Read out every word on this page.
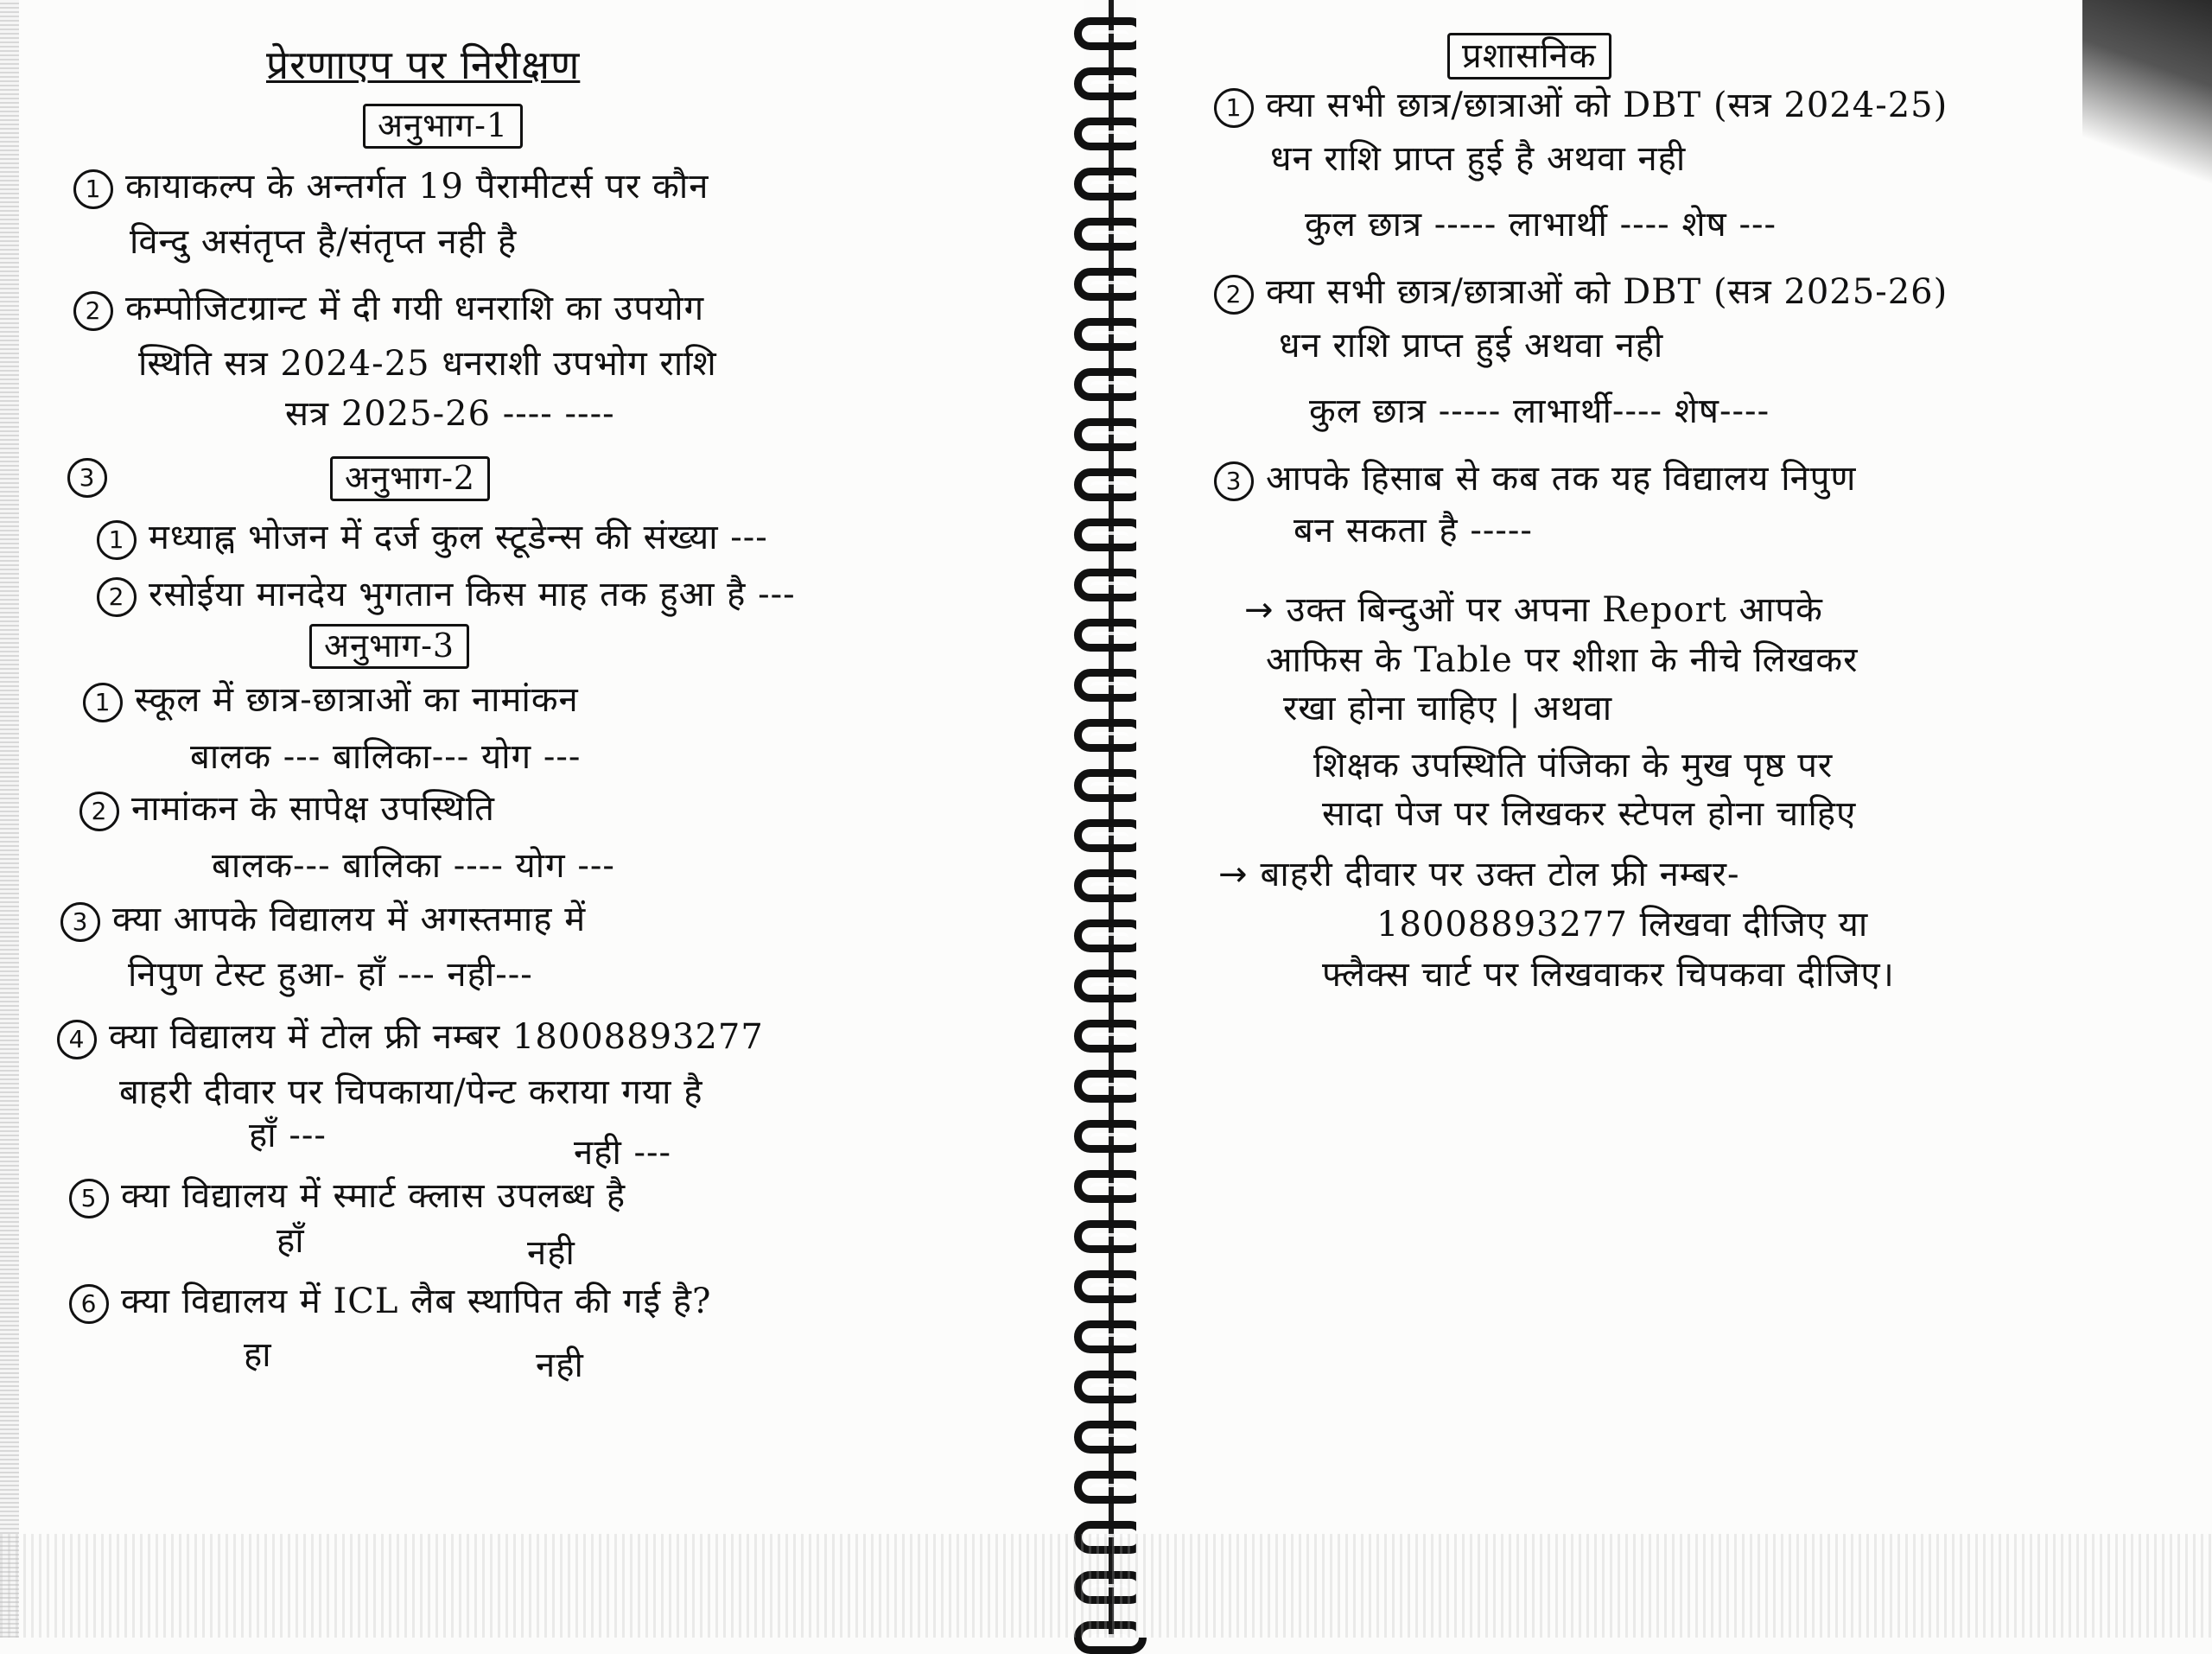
प्रेरणाएप पर निरीक्षण
अनुभाग-1
1 कायाकल्प के अन्तर्गत 19 पैरामीटर्स पर कौन
विन्दु असंतृप्त है/संतृप्त नही है
2 कम्पोजिटग्रान्ट में दी गयी धनराशि का उपयोग
स्थिति सत्र 2024-25 धनराशी उपभोग राशि
सत्र 2025-26 ---- ----
3	अनुभाग-2
1 मध्याह्न भोजन में दर्ज कुल स्टूडेन्स की संख्या ---
2 रसोईया मानदेय भुगतान किस माह तक हुआ है ---
अनुभाग-3
1 स्कूल में छात्र-छात्राओं का नामांकन
बालक --- बालिका--- योग ---
2 नामांकन के सापेक्ष उपस्थिति
बालक--- बालिका ---- योग ---
3 क्या आपके विद्यालय में अगस्तमाह में
निपुण टेस्ट हुआ- हाँ --- नही---
4 क्या विद्यालय में टोल फ्री नम्बर 18008893277
बाहरी दीवार पर चिपकाया/पेन्ट कराया गया है
हाँ ---	नही ---
5 क्या विद्यालय में स्मार्ट क्लास उपलब्ध है
हाँ	नही
6 क्या विद्यालय में ICL लैब स्थापित की गई है?
हा	नही
प्रशासनिक
1 क्या सभी छात्र/छात्राओं को DBT (सत्र 2024-25)
धन राशि प्राप्त हुई है अथवा नही
कुल छात्र ----- लाभार्थी ---- शेष ---
2 क्या सभी छात्र/छात्राओं को DBT (सत्र 2025-26)
धन राशि प्राप्त हुई अथवा नही
कुल छात्र ----- लाभार्थी---- शेष----
3 आपके हिसाब से कब तक यह विद्यालय निपुण
बन सकता है -----
→ उक्त बिन्दुओं पर अपना Report आपके
आफिस के Table पर शीशा के नीचे लिखकर
रखा होना चाहिए | अथवा
शिक्षक उपस्थिति पंजिका के मुख पृष्ठ पर
सादा पेज पर लिखकर स्टेपल होना चाहिए
→ बाहरी दीवार पर उक्त टोल फ्री नम्बर-
18008893277 लिखवा दीजिए या
फ्लैक्स चार्ट पर लिखवाकर चिपकवा दीजिए।
